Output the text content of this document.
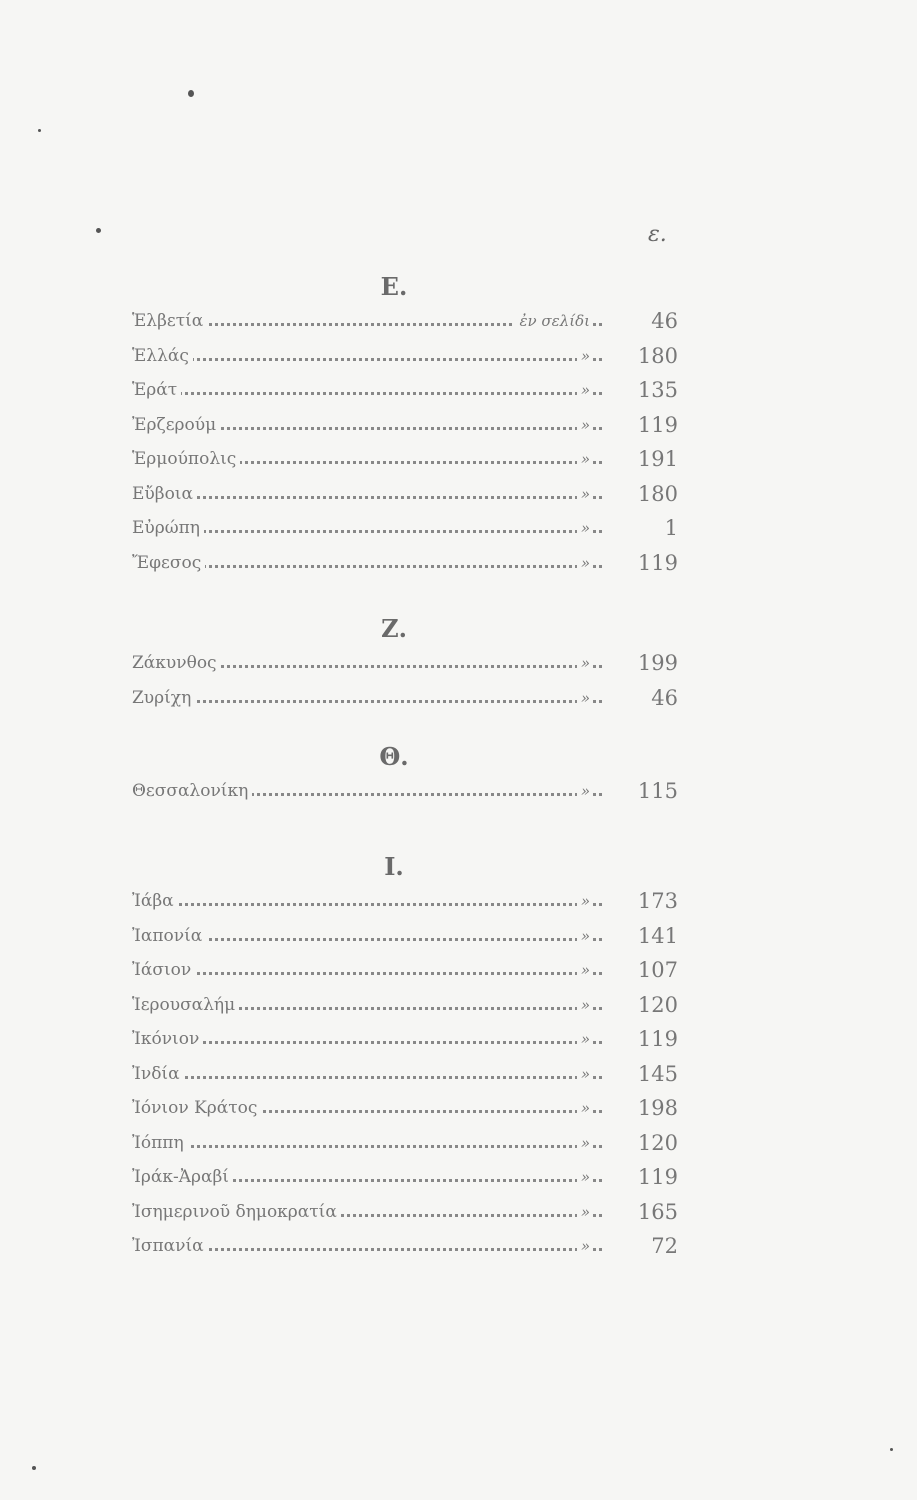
ε.
Ε.
Ἑλβετία	ἐν σελίδι	46
Ἑλλάς	»	180
Ἑράτ	»	135
Ἐρζερούμ	»	119
Ἑρμούπολις	»	191
Εὔβοια	»	180
Εὐρώπη	»	1
Ἔφεσος	»	119
Ζ.
Ζάκυνθος	»	199
Ζυρίχη	»	46
Θ.
Θεσσαλονίκη	»	115
Ι.
Ἰάβα	»	173
Ἰαπονία	»	141
Ἰάσιον	»	107
Ἱερουσαλήμ	»	120
Ἰκόνιον	»	119
Ἰνδία	»	145
Ἰόνιον Κράτος	»	198
Ἰόππη	»	120
Ἰράκ-Ἀραβί	»	119
Ἰσημερινοῦ δημοκρατία	»	165
Ἰσπανία	»	72
